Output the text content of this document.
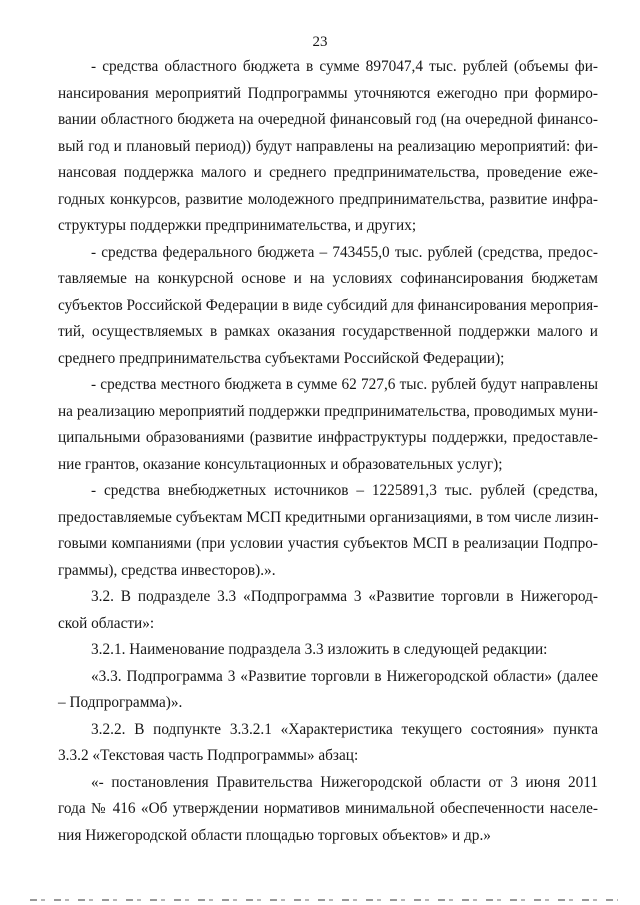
23
- средства областного бюджета в сумме 897047,4 тыс. рублей (объемы фи-
нансирования мероприятий Подпрограммы уточняются ежегодно при формиро-
вании областного бюджета на очередной финансовый год (на очередной финансо-
вый год и плановый период)) будут направлены на реализацию мероприятий: фи-
нансовая поддержка малого и среднего предпринимательства, проведение еже-
годных конкурсов, развитие молодежного предпринимательства, развитие инфра-
структуры поддержки предпринимательства, и других;
- средства федерального бюджета – 743455,0 тыс. рублей (средства, предос-
тавляемые на конкурсной основе и на условиях софинансирования бюджетам
субъектов Российской Федерации в виде субсидий для финансирования мероприя-
тий, осуществляемых в рамках оказания государственной поддержки малого и
среднего предпринимательства субъектами Российской Федерации);
- средства местного бюджета в сумме 62 727,6 тыс. рублей будут направлены
на реализацию мероприятий поддержки предпринимательства, проводимых муни-
ципальными образованиями (развитие инфраструктуры поддержки, предоставле-
ние грантов, оказание консультационных и образовательных услуг);
- средства внебюджетных источников – 1225891,3 тыс. рублей (средства,
предоставляемые субъектам МСП кредитными организациями, в том числе лизин-
говыми компаниями (при условии участия субъектов МСП в реализации Подпро-
граммы), средства инвесторов).».
3.2. В подразделе 3.3 «Подпрограмма 3 «Развитие торговли в Нижегород-
ской области»:
3.2.1. Наименование подраздела 3.3 изложить в следующей редакции:
«3.3. Подпрограмма 3 «Развитие торговли в Нижегородской области» (далее
– Подпрограмма)».
3.2.2. В подпункте 3.3.2.1 «Характеристика текущего состояния» пункта
3.3.2 «Текстовая часть Подпрограммы» абзац:
«- постановления Правительства Нижегородской области от 3 июня 2011
года № 416 «Об утверждении нормативов минимальной обеспеченности населе-
ния Нижегородской области площадью торговых объектов» и др.»
